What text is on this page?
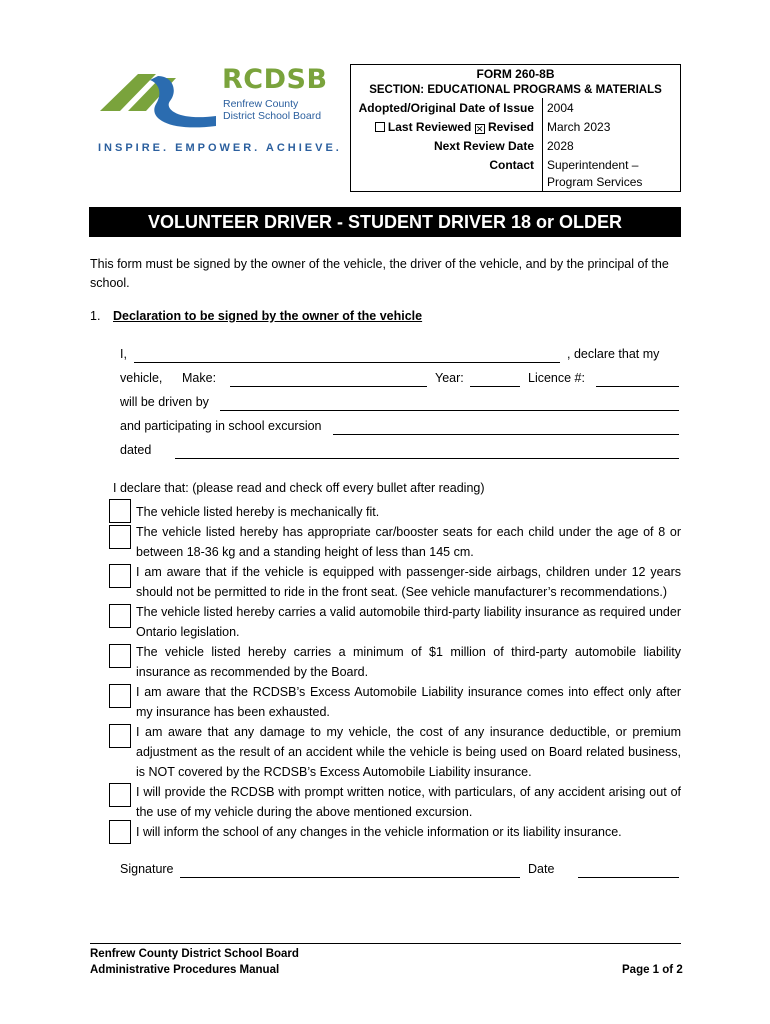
RCDSB
Renfrew County
District School Board
INSPIRE. EMPOWER. ACHIEVE.
FORM 260-8B
SECTION: EDUCATIONAL PROGRAMS & MATERIALS
Adopted/Original Date of Issue	2004
Last Reviewed ✕ Revised	March 2023
Next Review Date	2028
Contact	Superintendent –
Program Services
VOLUNTEER DRIVER - STUDENT DRIVER 18 or OLDER
This form must be signed by the owner of the vehicle, the driver of the vehicle, and by the principal of the school.
1. Declaration to be signed by the owner of the vehicle
I,	, declare that my
vehicle, Make:	Year:	Licence #:
will be driven by
and participating in school excursion
dated
I declare that: (please read and check off every bullet after reading)
The vehicle listed hereby is mechanically fit.
The vehicle listed hereby has appropriate car/booster seats for each child under the age of 8 or between 18-36 kg and a standing height of less than 145 cm.
I am aware that if the vehicle is equipped with passenger-side airbags, children under 12 years should not be permitted to ride in the front seat. (See vehicle manufacturer’s recommendations.)
The vehicle listed hereby carries a valid automobile third-party liability insurance as required under Ontario legislation.
The vehicle listed hereby carries a minimum of $1 million of third-party automobile liability insurance as recommended by the Board.
I am aware that the RCDSB’s Excess Automobile Liability insurance comes into effect only after my insurance has been exhausted.
I am aware that any damage to my vehicle, the cost of any insurance deductible, or premium adjustment as the result of an accident while the vehicle is being used on Board related business, is NOT covered by the RCDSB’s Excess Automobile Liability insurance.
I will provide the RCDSB with prompt written notice, with particulars, of any accident arising out of the use of my vehicle during the above mentioned excursion.
I will inform the school of any changes in the vehicle information or its liability insurance.
Signature	Date
Renfrew County District School Board
Administrative Procedures Manual	Page 1 of 2
